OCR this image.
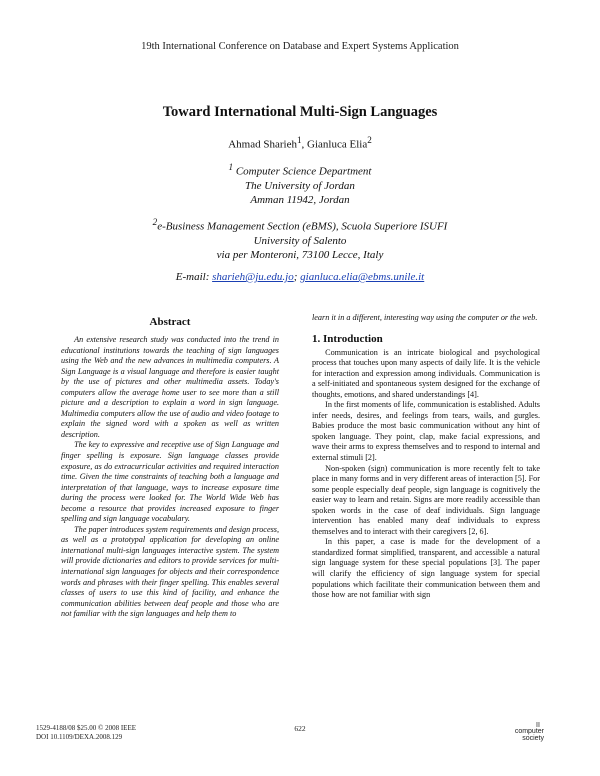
19th International Conference on Database and Expert Systems Application
Toward International Multi-Sign Languages
Ahmad Sharieh$^1$, Gianluca Elia$^2$
$^1$ Computer Science Department
The University of Jordan
Amman 11942, Jordan
$^2$e-Business Management Section (eBMS), Scuola Superiore ISUFI
University of Salento
via per Monteroni, 73100 Lecce, Italy
E-mail: sharieh@ju.edu.jo; gianluca.elia@ebms.unile.it
Abstract

An extensive research study was conducted into the trend in educational institutions towards the teaching of sign languages using the Web and the new advances in multimedia computers. A Sign Language is a visual language and therefore is easier taught by the use of pictures and other multimedia assets. Today's computers allow the average home user to see more than a still picture and a description to explain a word in sign language. Multimedia computers allow the use of audio and video footage to explain the signed word with a spoken as well as written description.

The key to expressive and receptive use of Sign Language and finger spelling is exposure. Sign language classes provide exposure, as do extracurricular activities and required interaction time. Given the time constraints of teaching both a language and interpretation of that language, ways to increase exposure time during the process were looked for. The World Wide Web has become a resource that provides increased exposure to finger spelling and sign language vocabulary.

The paper introduces system requirements and design process, as well as a prototypal application for developing an online international multi-sign languages interactive system. The system will provide dictionaries and editors to provide services for multi-international sign languages for objects and their correspondence words and phrases with their finger spelling. This enables several classes of users to use this kind of facility, and enhance the communication abilities between deaf people and those who are not familiar with the sign languages and help them to

learn it in a different, interesting way using the computer or the web.

1. Introduction

Communication is an intricate biological and psychological process that touches upon many aspects of daily life. It is the vehicle for interaction and expression among individuals. Communication is a self-initiated and spontaneous system designed for the exchange of thoughts, emotions, and shared understandings [4].

In the first moments of life, communication is established. Adults infer needs, desires, and feelings from tears, wails, and gurgles. Babies produce the most basic communication without any hint of spoken language. They point, clap, make facial expressions, and wave their arms to express themselves and to respond to internal and external stimuli [2].

Non-spoken (sign) communication is more recently felt to take place in many forms and in very different areas of interaction [5]. For some people especially deaf people, sign language is cognitively the easier way to learn and retain. Signs are more readily accessible than spoken words in the case of deaf individuals. Sign language intervention has enabled many deaf individuals to express themselves and to interact with their caregivers [2, 6].

In this paper, a case is made for the development of a standardized format simplified, transparent, and accessible a natural sign language system for these special populations [3]. The paper will clarify the efficiency of sign language system for special populations which facilitate their communication between them and those how are not familiar with sign

1529-4188/08 $25.00 © 2008 IEEE
DOI 10.1109/DEXA.2008.129
622	II
computer
society
